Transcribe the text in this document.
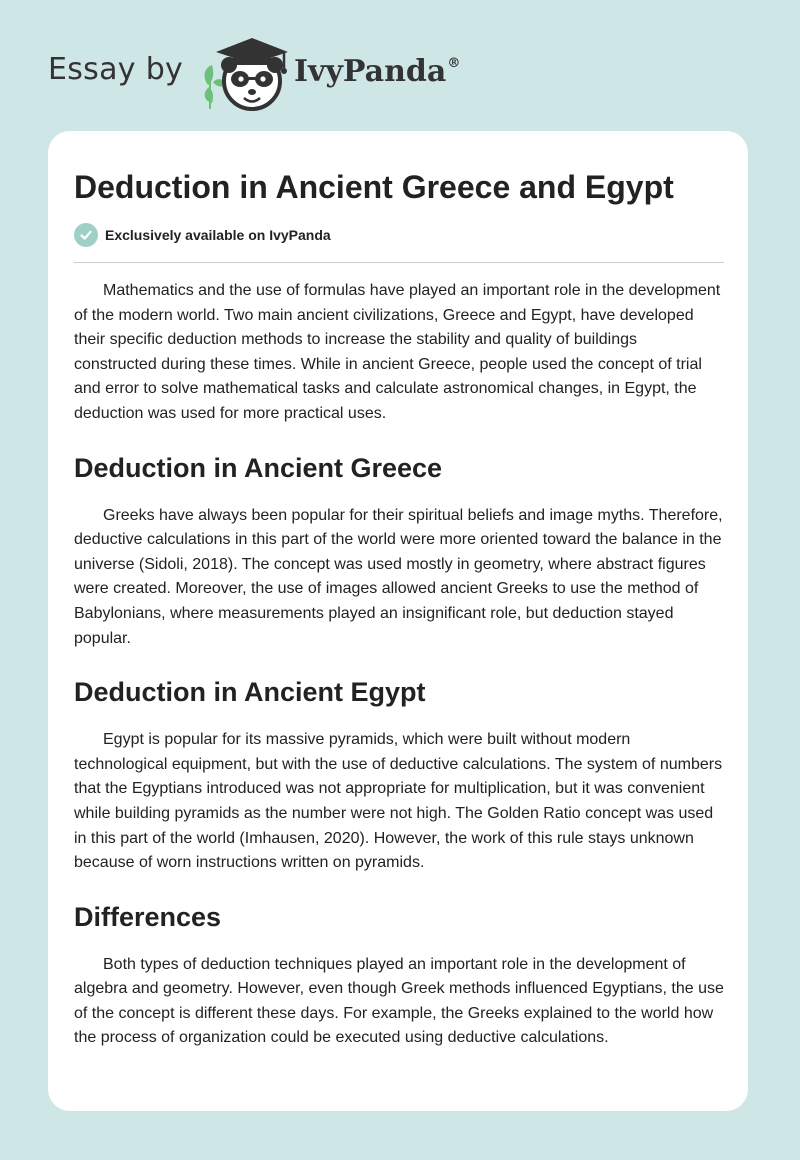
Essay by	IvyPanda®
Deduction in Ancient Greece and Egypt
Exclusively available on IvyPanda

Mathematics and the use of formulas have played an important role in the development of the modern world. Two main ancient civilizations, Greece and Egypt, have developed their specific deduction methods to increase the stability and quality of buildings constructed during these times. While in ancient Greece, people used the concept of trial and error to solve mathematical tasks and calculate astronomical changes, in Egypt, the deduction was used for more practical uses.

Deduction in Ancient Greece

Greeks have always been popular for their spiritual beliefs and image myths. Therefore, deductive calculations in this part of the world were more oriented toward the balance in the universe (Sidoli, 2018). The concept was used mostly in geometry, where abstract figures were created. Moreover, the use of images allowed ancient Greeks to use the method of Babylonians, where measurements played an insignificant role, but deduction stayed popular.

Deduction in Ancient Egypt

Egypt is popular for its massive pyramids, which were built without modern technological equipment, but with the use of deductive calculations. The system of numbers that the Egyptians introduced was not appropriate for multiplication, but it was convenient while building pyramids as the number were not high. The Golden Ratio concept was used in this part of the world (Imhausen, 2020). However, the work of this rule stays unknown because of worn instructions written on pyramids.

Differences

Both types of deduction techniques played an important role in the development of algebra and geometry. However, even though Greek methods influenced Egyptians, the use of the concept is different these days. For example, the Greeks explained to the world how the process of organization could be executed using deductive calculations.
